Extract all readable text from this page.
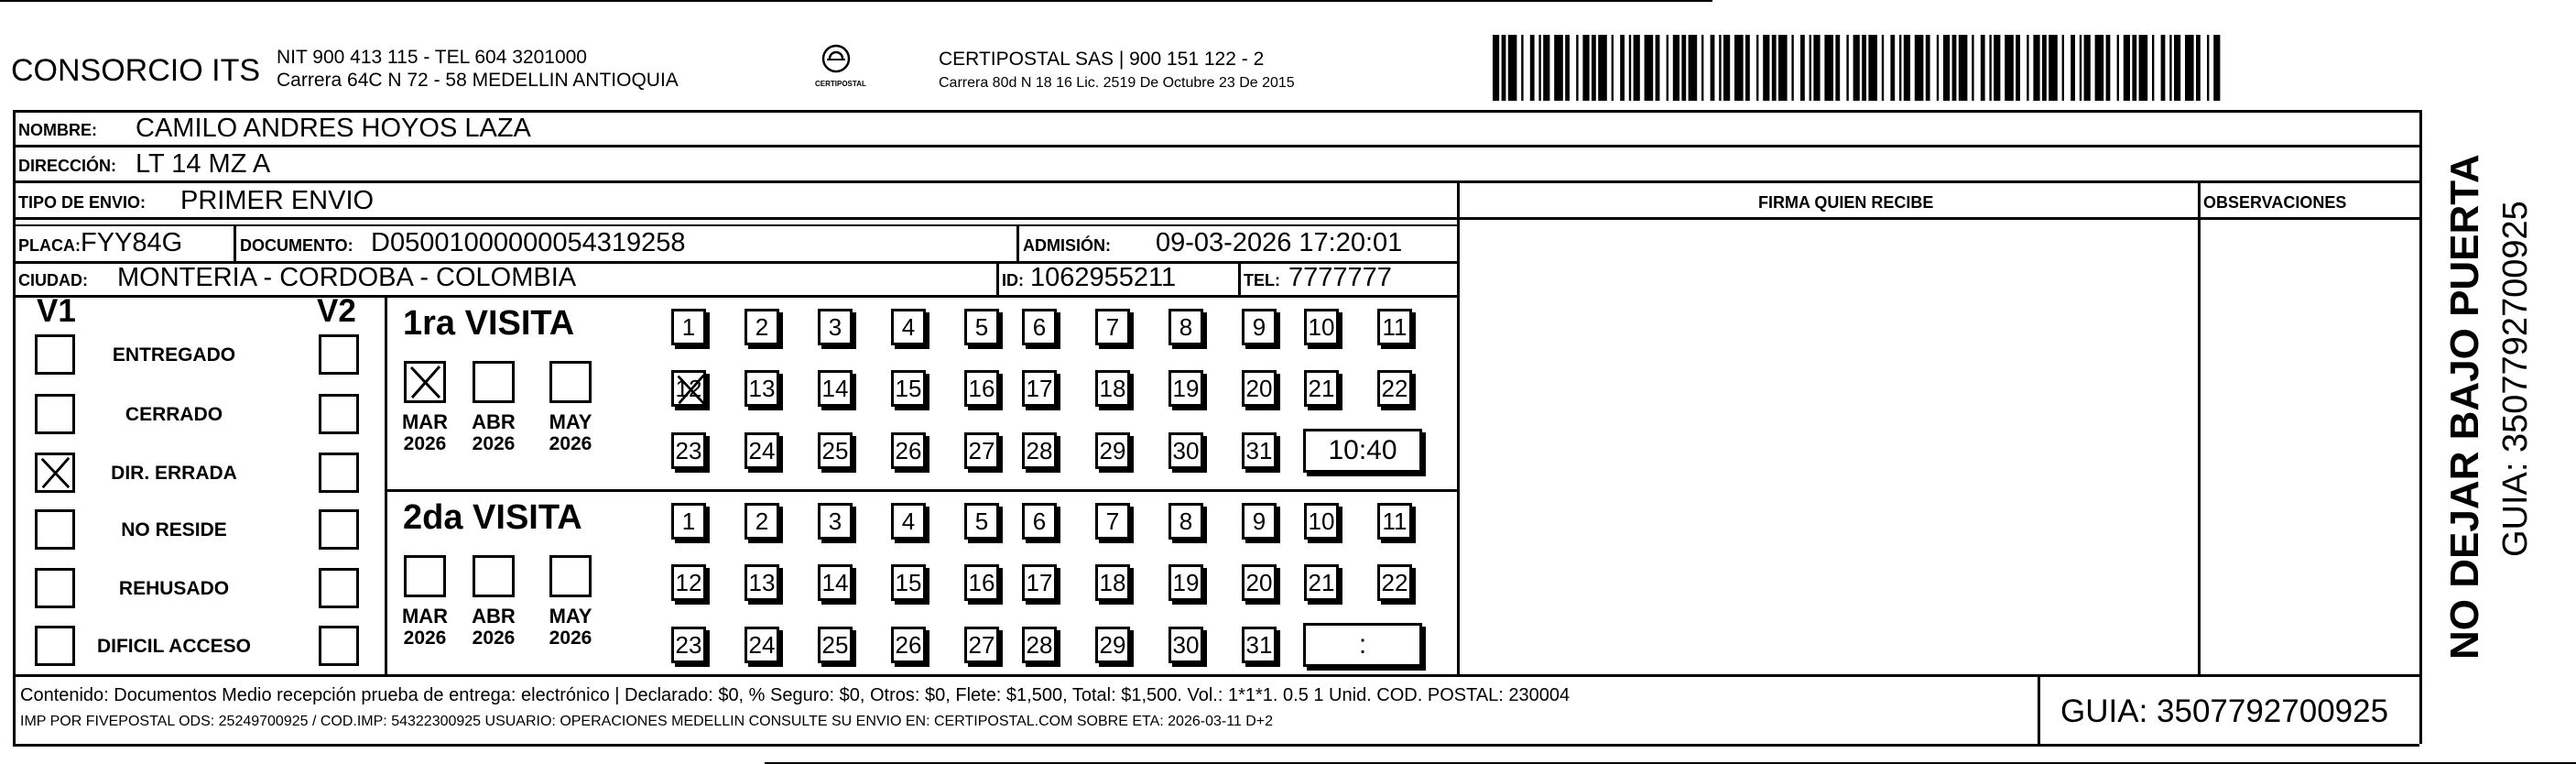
CONSORCIO ITS NIT 900 413 115 - TEL 604 3201000
Carrera 64C N 72 - 58 MEDELLIN ANTIOQUIA	CERTIPOSTAL
CERTIPOSTAL SAS | 900 151 122 - 2
Carrera 80d N 18 16 Lic. 2519 De Octubre 23 De 2015
NOMBRE: CAMILO ANDRES HOYOS LAZA
DIRECCIÓN: LT 14 MZ A
TIPO DE ENVIO: PRIMER ENVIO	FIRMA QUIEN RECIBE	OBSERVACIONES
PLACA: FYY84G	DOCUMENTO: D05001000000054319258	ADMISIÓN: 09-03-2026 17:20:01
CIUDAD: MONTERIA - CORDOBA - COLOMBIA	ID: 1062955211	TEL: 7777777
V1	V2
ENTREGADO
CERRADO
DIR. ERRADA
NO RESIDE
REHUSADO
DIFICIL ACCESO
1ra VISITA
MAR
2026
ABR
2026
MAY
2026
1	2	3	4	5	6	7	8	9	10 11
12 13 14 15 16 17 18 19 20 21 22
23 24 25 26 27 28 29 30 31	10:40
2da VISITA
MAR
2026
ABR
2026
MAY
2026
1	2	3	4	5	6	7	8	9	10 11
12 13 14 15 16 17 18 19 20 21 22
23 24 25 26 27 28 29 30 31	:	NO DEJAR BAJO PUERTA GUIA: 3507792700925
Contenido: Documentos Medio recepción prueba de entrega: electrónico | Declarado: $0, % Seguro: $0, Otros: $0, Flete: $1,500, Total: $1,500. Vol.: 1*1*1. 0.5 1 Unid. COD. POSTAL: 230004
IMP POR FIVEPOSTAL ODS: 25249700925 / COD.IMP: 54322300925 USUARIO: OPERACIONES MEDELLIN CONSULTE SU ENVIO EN: CERTIPOSTAL.COM SOBRE ETA: 2026-03-11 D+2	GUIA: 3507792700925
